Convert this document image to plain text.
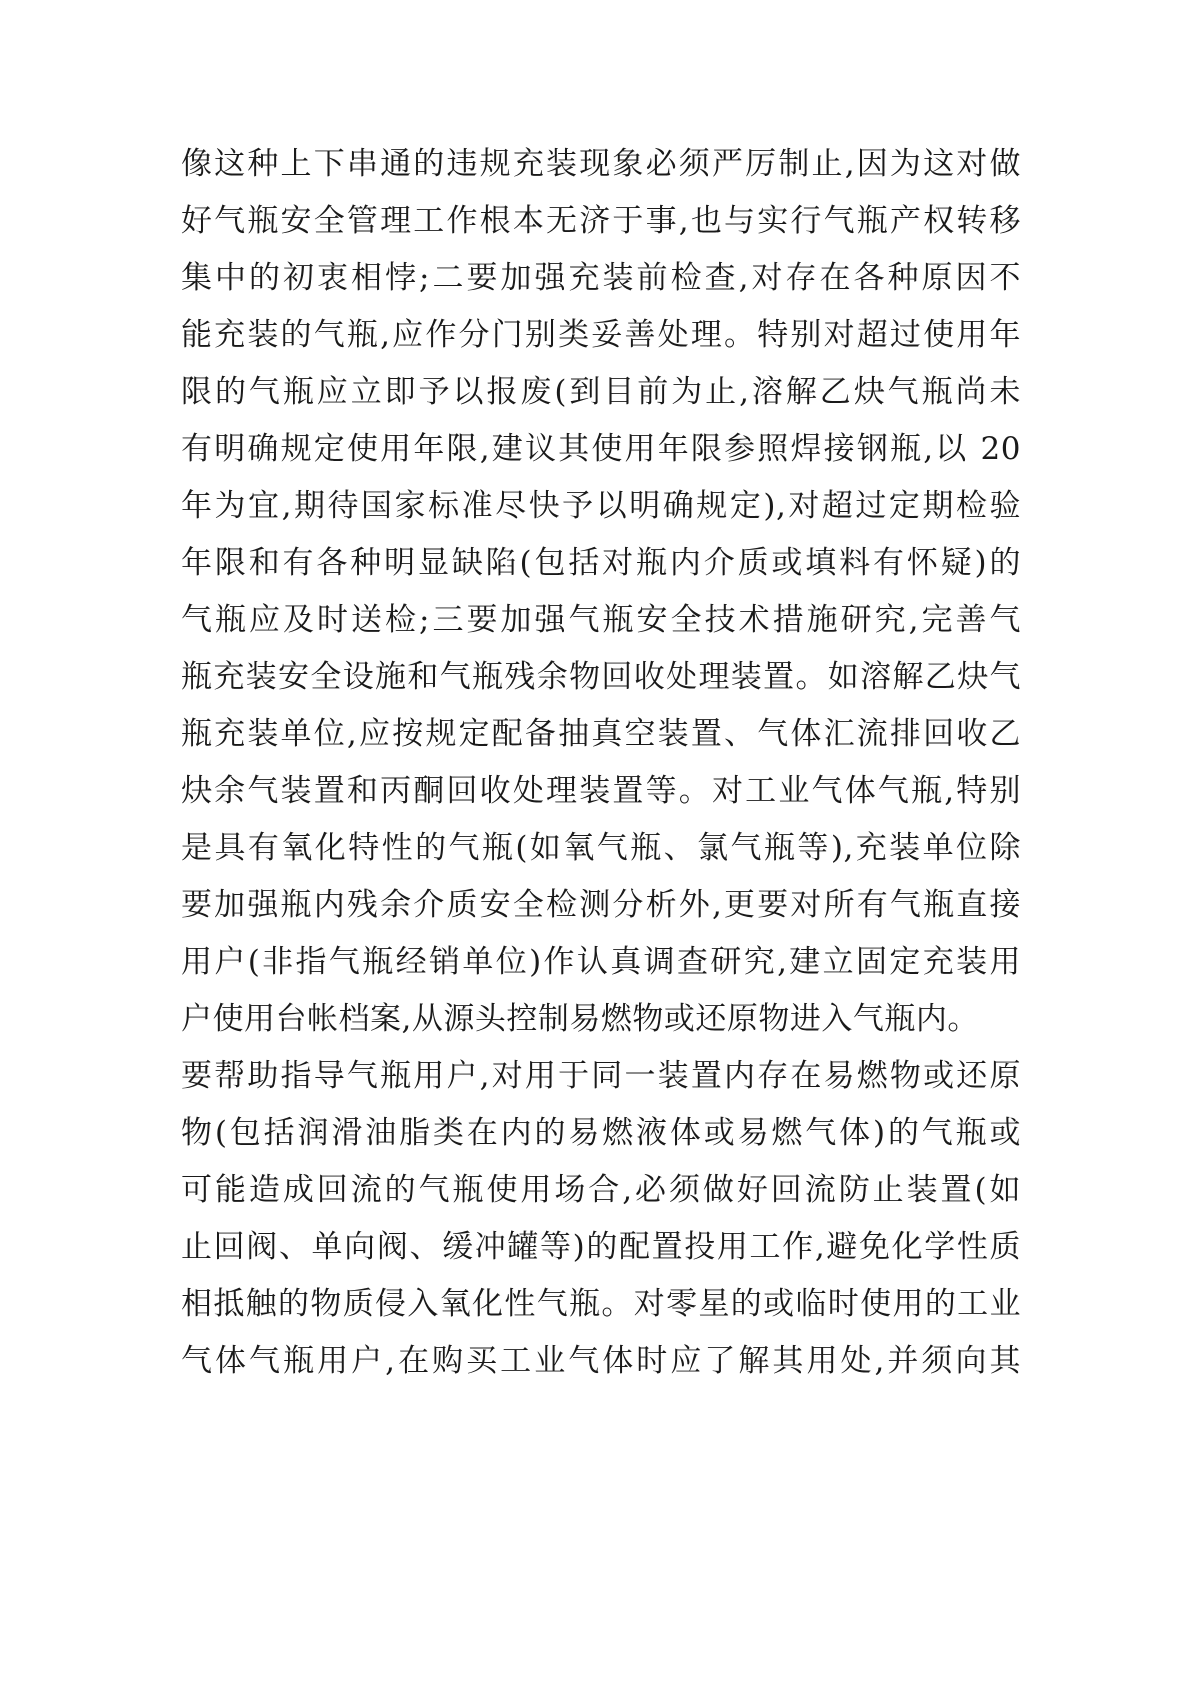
像这种上下串通的违规充装现象必须严厉制止,因为这对做
好气瓶安全管理工作根本无济于事,也与实行气瓶产权转移
集中的初衷相悖;二要加强充装前检查,对存在各种原因不
能充装的气瓶,应作分门别类妥善处理。特别对超过使用年
限的气瓶应立即予以报废(到目前为止,溶解乙炔气瓶尚未
有明确规定使用年限,建议其使用年限参照焊接钢瓶,以 20
年为宜,期待国家标准尽快予以明确规定),对超过定期检验
年限和有各种明显缺陷(包括对瓶内介质或填料有怀疑)的
气瓶应及时送检;三要加强气瓶安全技术措施研究,完善气
瓶充装安全设施和气瓶残余物回收处理装置。如溶解乙炔气
瓶充装单位,应按规定配备抽真空装置、气体汇流排回收乙
炔余气装置和丙酮回收处理装置等。对工业气体气瓶,特别
是具有氧化特性的气瓶(如氧气瓶、氯气瓶等),充装单位除
要加强瓶内残余介质安全检测分析外,更要对所有气瓶直接
用户(非指气瓶经销单位)作认真调查研究,建立固定充装用
户使用台帐档案,从源头控制易燃物或还原物进入气瓶内。
要帮助指导气瓶用户,对用于同一装置内存在易燃物或还原
物(包括润滑油脂类在内的易燃液体或易燃气体)的气瓶或
可能造成回流的气瓶使用场合,必须做好回流防止装置(如
止回阀、单向阀、缓冲罐等)的配置投用工作,避免化学性质
相抵触的物质侵入氧化性气瓶。对零星的或临时使用的工业
气体气瓶用户,在购买工业气体时应了解其用处,并须向其
